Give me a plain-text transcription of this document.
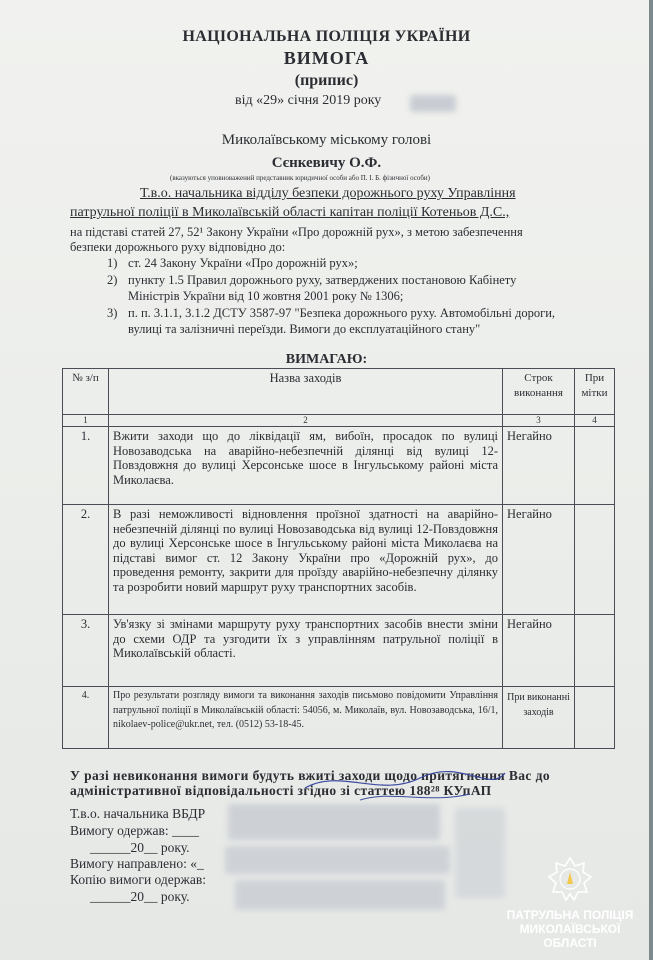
НАЦІОНАЛЬНА ПОЛІЦІЯ УКРАЇНИ
ВИМОГА
(припис)
від «29» січня 2019 року
Миколаївському міському голові
Сєнкевичу О.Ф.
(вказуються уповноважений представник юридичної особи або П. І. Б. фізичної особи)
Т.в.о. начальника відділу безпеки дорожнього руху Управління
патрульної поліції в Миколаївській області капітан поліції Котеньов Д.С.,
на підставі статей 27, 52¹ Закону України «Про дорожній рух», з метою забезпечення
безпеки дорожнього руху відповідно до:
1) ст. 24 Закону України «Про дорожній рух»;
2) пункту 1.5 Правил дорожнього руху, затверджених постановою Кабінету
Міністрів України від 10 жовтня 2001 року № 1306;
3) п. п. 3.1.1, 3.1.2 ДСТУ 3587-97 "Безпека дорожнього руху. Автомобільні дороги,
вулиці та залізничні переїзди. Вимоги до експлуатаційного стану"
ВИМАГАЮ:
№ з/п	Назва заходів	Строк виконання	При мітки
1	2	3	4
1.	Вжити заходи що до ліквідації ям, вибоїн, просадок по вулиці Новозаводська на аварійно-небезпечній ділянці від вулиці 12-Повздовжня до вулиці Херсонське шосе в Інгульському районі міста Миколаєва.	Негайно	
2.	В разі неможливості відновлення проїзної здатності на аварійно-небезпечній ділянці по вулиці Новозаводська від вулиці 12-Повздовжня до вулиці Херсонське шосе в Інгульському районі міста Миколаєва на підставі вимог ст. 12 Закону України про «Дорожній рух», до проведення ремонту, закрити для проїзду аварійно-небезпечну ділянку та розробити новий маршрут руху транспортних засобів.	Негайно	
3.	Ув'язку зі змінами маршруту руху транспортних засобів внести зміни до схеми ОДР та узгодити їх з управлінням патрульної поліції в Миколаївській області.	Негайно	
4.	Про результати розгляду вимоги та виконання заходів письмово повідомити Управління патрульної поліції в Миколаївській області: 54056, м. Миколаїв, вул. Новозаводська, 16/1, nikolaev-police@ukr.net, тел. (0512) 53-18-45.	При виконанні заходів	
У разі невиконання вимоги будуть вжиті заходи щодо притягнення Вас до
адміністративної відповідальності згідно зі статтею 188²⁸ КУпАП
Т.в.о. начальника ВБДР
Вимогу одержав: ____
______20__ року.
Вимогу направлено: «_
Копію вимоги одержав:
______20__ року.
ПАТРУЛЬНА ПОЛІЦІЯ
МИКОЛАЇВСЬКОЇ ОБЛАСТІ
